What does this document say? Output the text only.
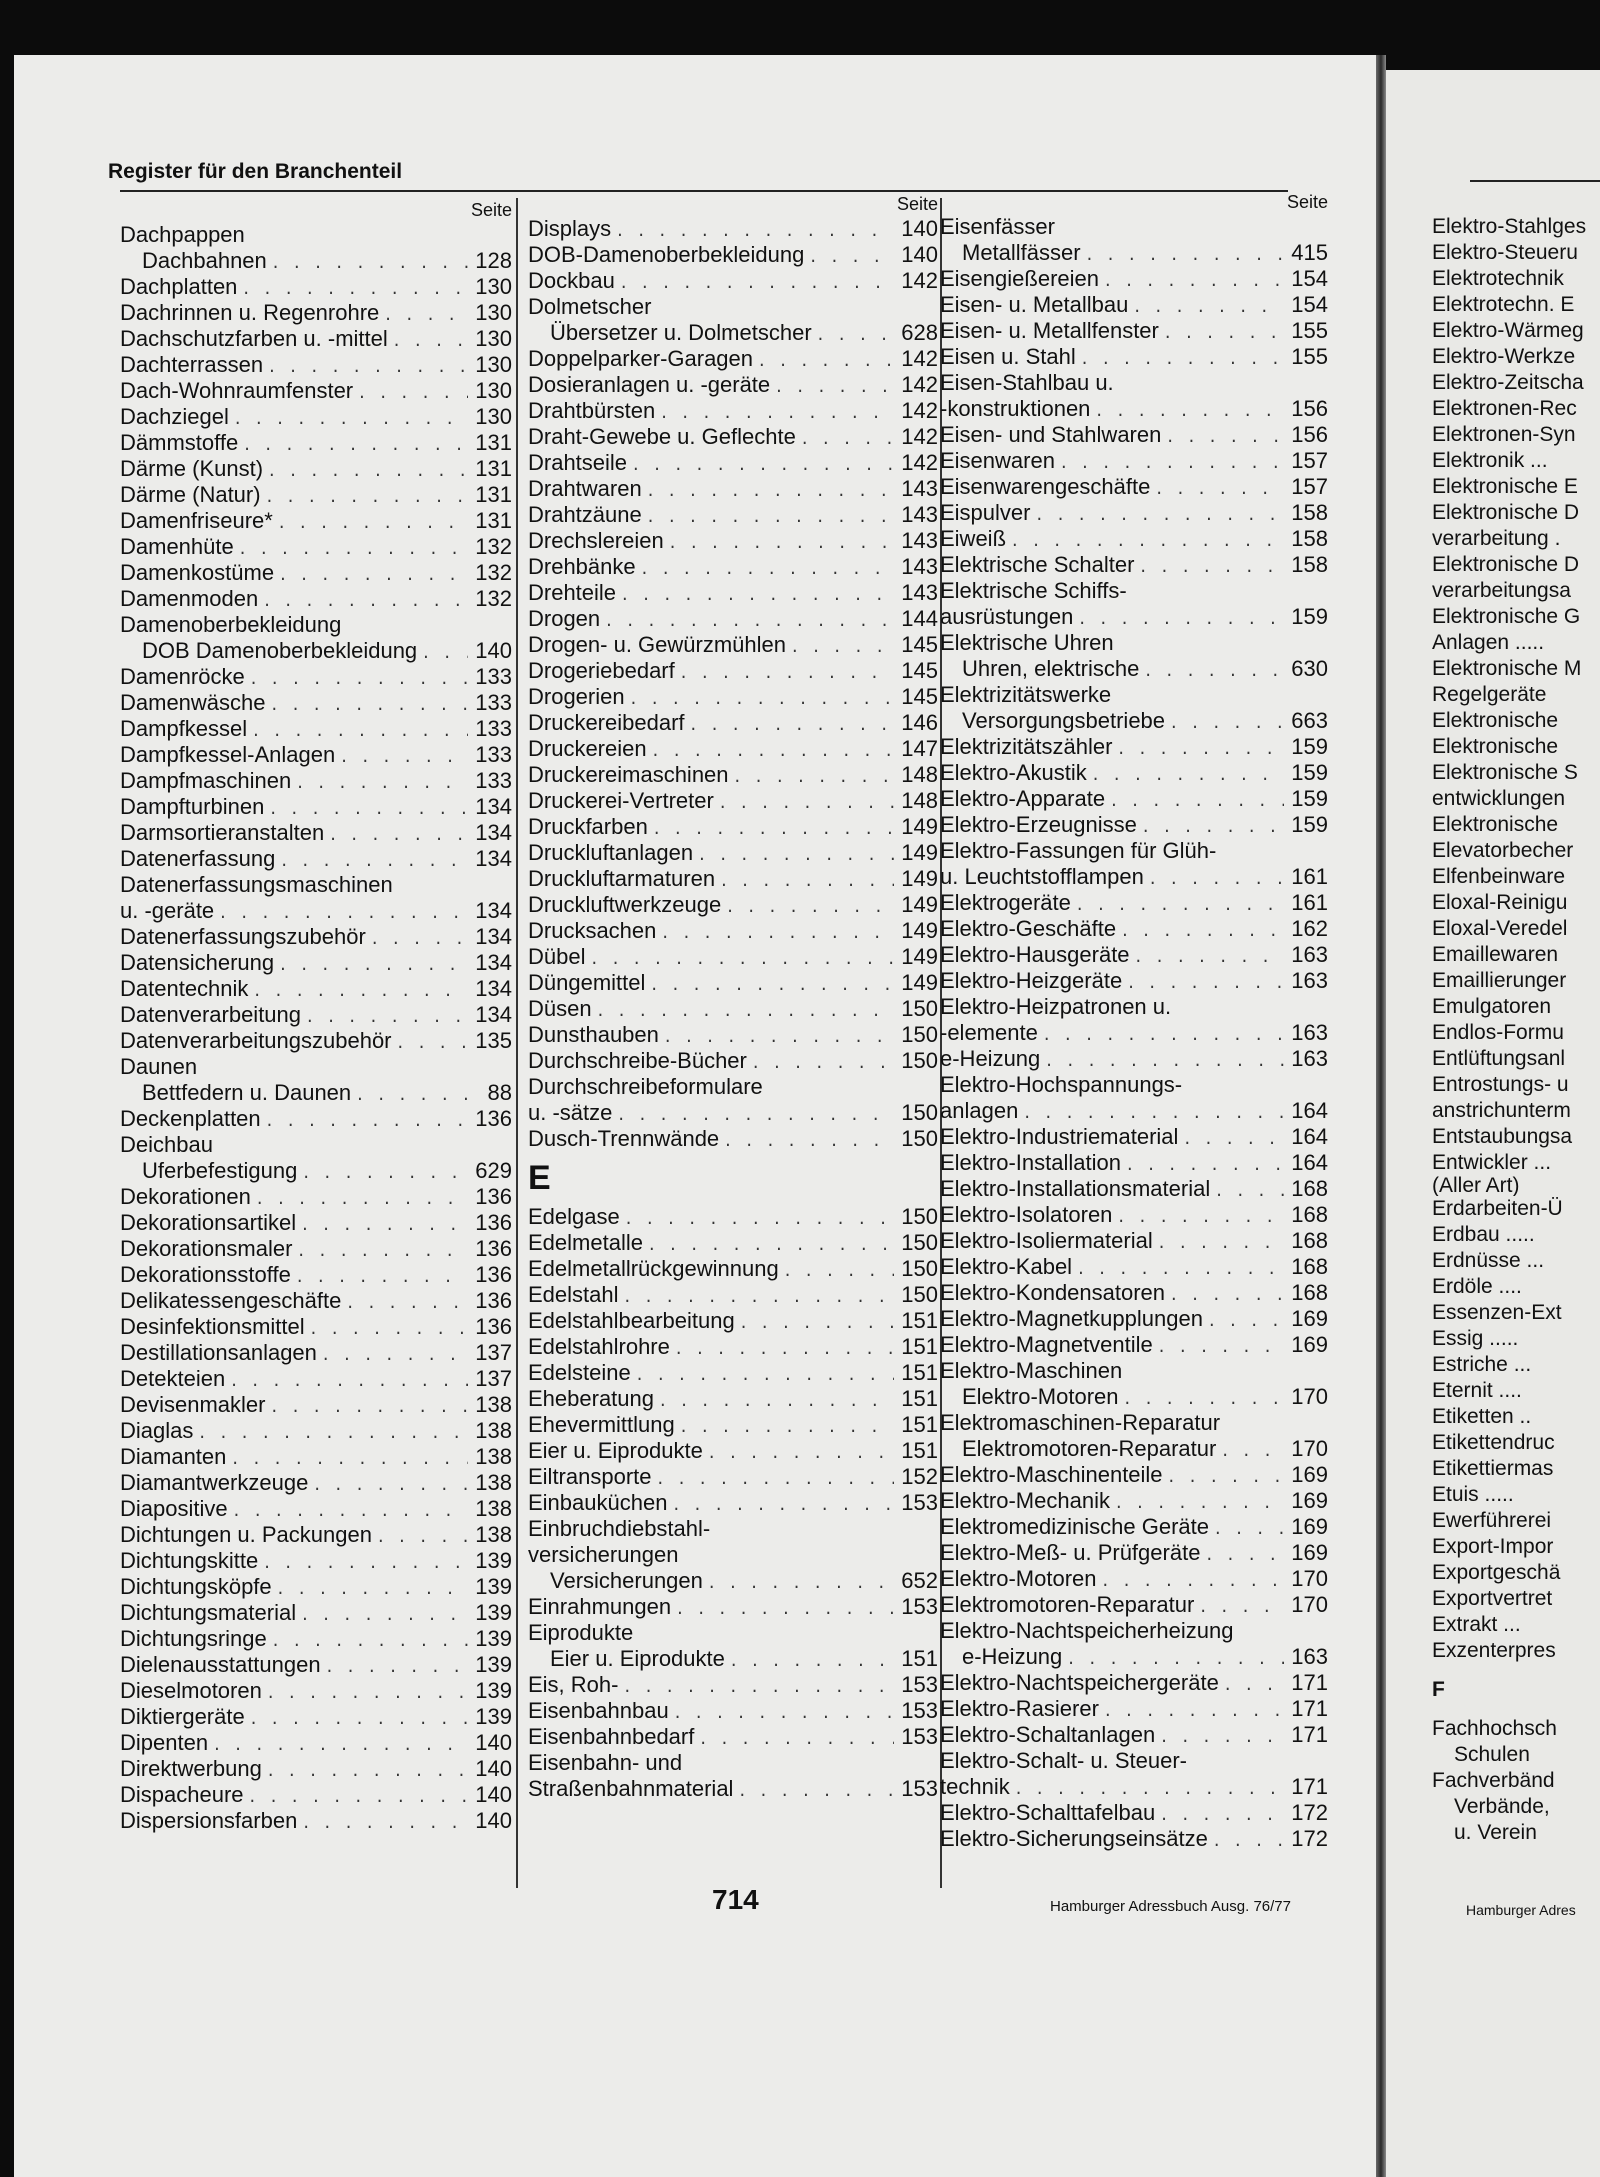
Register für den Branchenteil
Seite
Dachpappen
Dachbahnen . . .	128
Dachplatten . . .	130
Dachrinnen u. Regenrohre . . .	130
Dachschutzfarben u. -mittel . . .	130
Dachterrassen . . .	130
Dach-Wohnraumfenster . . .	130
Dachziegel . . .	130
Dämmstoffe . . .	131
Därme (Kunst) . . .	131
Därme (Natur) . . .	131
Damenfriseure* . . .	131
Damenhüte . . .	132
Damenkostüme . . .	132
Damenmoden . . .	132
Damenoberbekleidung
DOB Damenoberbekleidung . . .	140
Damenröcke . . .	133
Damenwäsche . . .	133
Dampfkessel . . .	133
Dampfkessel-Anlagen . . .	133
Dampfmaschinen . . .	133
Dampfturbinen . . .	134
Darmsortieranstalten . . .	134
Datenerfassung . . .	134
Datenerfassungsmaschinen
u. -geräte . . .	134
Datenerfassungszubehör . . .	134
Datensicherung . . .	134
Datentechnik . . .	134
Datenverarbeitung . . .	134
Datenverarbeitungszubehör . . .	135
Daunen
Bettfedern u. Daunen . . .	88
Deckenplatten . . .	136
Deichbau
Uferbefestigung . . .	629
Dekorationen . . .	136
Dekorationsartikel . . .	136
Dekorationsmaler . . .	136
Dekorationsstoffe . . .	136
Delikatessengeschäfte . . .	136
Desinfektionsmittel . . .	136
Destillationsanlagen . . .	137
Detekteien . . .	137
Devisenmakler . . .	138
Diaglas . . .	138
Diamanten . . .	138
Diamantwerkzeuge . . .	138
Diapositive . . .	138
Dichtungen u. Packungen . . .	138
Dichtungskitte . . .	139
Dichtungsköpfe . . .	139
Dichtungsmaterial . . .	139
Dichtungsringe . . .	139
Dielenausstattungen . . .	139
Dieselmotoren . . .	139
Diktiergeräte . . .	139
Dipenten . . .	140
Direktwerbung . . .	140
Dispacheure . . .	140
Dispersionsfarben . . .	140
Seite
Displays . . .	140
DOB-Damenoberbekleidung . . .	140
Dockbau . . .	142
Dolmetscher
Übersetzer u. Dolmetscher . . .	628
Doppelparker-Garagen . . .	142
Dosieranlagen u. -geräte . . .	142
Drahtbürsten . . .	142
Draht-Gewebe u. Geflechte . . .	142
Drahtseile . . .	142
Drahtwaren . . .	143
Drahtzäune . . .	143
Drechslereien . . .	143
Drehbänke . . .	143
Drehteile . . .	143
Drogen . . .	144
Drogen- u. Gewürzmühlen . . .	145
Drogeriebedarf . . .	145
Drogerien . . .	145
Druckereibedarf . . .	146
Druckereien . . .	147
Druckereimaschinen . . .	148
Druckerei-Vertreter . . .	148
Druckfarben . . .	149
Druckluftanlagen . . .	149
Druckluftarmaturen . . .	149
Druckluftwerkzeuge . . .	149
Drucksachen . . .	149
Dübel . . .	149
Düngemittel . . .	149
Düsen . . .	150
Dunsthauben . . .	150
Durchschreibe-Bücher . . .	150
Durchschreibeformulare
u. -sätze . . .	150
Dusch-Trennwände . . .	150
E
Edelgase . . .	150
Edelmetalle . . .	150
Edelmetallrückgewinnung . . .	150
Edelstahl . . .	150
Edelstahlbearbeitung . . .	151
Edelstahlrohre . . .	151
Edelsteine . . .	151
Eheberatung . . .	151
Ehevermittlung . . .	151
Eier u. Eiprodukte . . .	151
Eiltransporte . . .	152
Einbauküchen . . .	153
Einbruchdiebstahl-
versicherungen
Versicherungen . . .	652
Einrahmungen . . .	153
Eiprodukte
Eier u. Eiprodukte . . .	151
Eis, Roh- . . .	153
Eisenbahnbau . . .	153
Eisenbahnbedarf . . .	153
Eisenbahn- und
Straßenbahnmaterial . . .	153
Seite
Eisenfässer
Metallfässer . . .	415
Eisengießereien . . .	154
Eisen- u. Metallbau . . .	154
Eisen- u. Metallfenster . . .	155
Eisen u. Stahl . . .	155
Eisen-Stahlbau u.
-konstruktionen . . .	156
Eisen- und Stahlwaren . . .	156
Eisenwaren . . .	157
Eisenwarengeschäfte . . .	157
Eispulver . . .	158
Eiweiß . . .	158
Elektrische Schalter . . .	158
Elektrische Schiffs-
ausrüstungen . . .	159
Elektrische Uhren
Uhren, elektrische . . .	630
Elektrizitätswerke
Versorgungsbetriebe . . .	663
Elektrizitätszähler . . .	159
Elektro-Akustik . . .	159
Elektro-Apparate . . .	159
Elektro-Erzeugnisse . . .	159
Elektro-Fassungen für Glüh-
u. Leuchtstofflampen . . .	161
Elektrogeräte . . .	161
Elektro-Geschäfte . . .	162
Elektro-Hausgeräte . . .	163
Elektro-Heizgeräte . . .	163
Elektro-Heizpatronen u.
-elemente . . .	163
e-Heizung . . .	163
Elektro-Hochspannungs-
anlagen . . .	164
Elektro-Industriematerial . . .	164
Elektro-Installation . . .	164
Elektro-Installationsmaterial . . .	168
Elektro-Isolatoren . . .	168
Elektro-Isoliermaterial . . .	168
Elektro-Kabel . . .	168
Elektro-Kondensatoren . . .	168
Elektro-Magnetkupplungen . . .	169
Elektro-Magnetventile . . .	169
Elektro-Maschinen
Elektro-Motoren . . .	170
Elektromaschinen-Reparatur
Elektromotoren-Reparatur . . .	170
Elektro-Maschinenteile . . .	169
Elektro-Mechanik . . .	169
Elektromedizinische Geräte . . .	169
Elektro-Meß- u. Prüfgeräte . . .	169
Elektro-Motoren . . .	170
Elektromotoren-Reparatur . . .	170
Elektro-Nachtspeicherheizung
e-Heizung . . .	163
Elektro-Nachtspeichergeräte . . .	171
Elektro-Rasierer . . .	171
Elektro-Schaltanlagen . . .	171
Elektro-Schalt- u. Steuer-
technik . . .	171
Elektro-Schalttafelbau . . .	172
Elektro-Sicherungseinsätze . . .	172
Elektro-Stahlges
Elektro-Steueru
Elektrotechnik
Elektrotechn. E
Elektro-Wärmeg
Elektro-Werkze
Elektro-Zeitscha
Elektronen-Rec
Elektronen-Syn
Elektronik ...
Elektronische E
Elektronische D
verarbeitung .
Elektronische D
verarbeitungsa
Elektronische G
Anlagen .....
Elektronische M
Regelgeräte
Elektronische
Elektronische
Elektronische S
entwicklungen
Elektronische
Elevatorbecher
Elfenbeinware
Eloxal-Reinigu
Eloxal-Veredel
Emaillewaren
Emaillierunger
Emulgatoren
Endlos-Formu
Entlüftungsanl
Entrostungs- u
anstrichunterm
Entstaubungsa
Entwickler ...
(Aller Art)
Erdarbeiten-Ü
Erdbau .....
Erdnüsse ...
Erdöle ....
Essenzen-Ext
Essig .....
Estriche ...
Eternit ....
Etiketten ..
Etikettendruc
Etikettiermas
Etuis .....
Ewerführerei
Export-Impor
Exportgeschä
Exportvertret
Extrakt ...
Exzenterpres
F
Fachhochsch
Schulen
Fachverbänd
Verbände,
u. Verein
714	Hamburger Adressbuch Ausg. 76/77	Hamburger Adres
